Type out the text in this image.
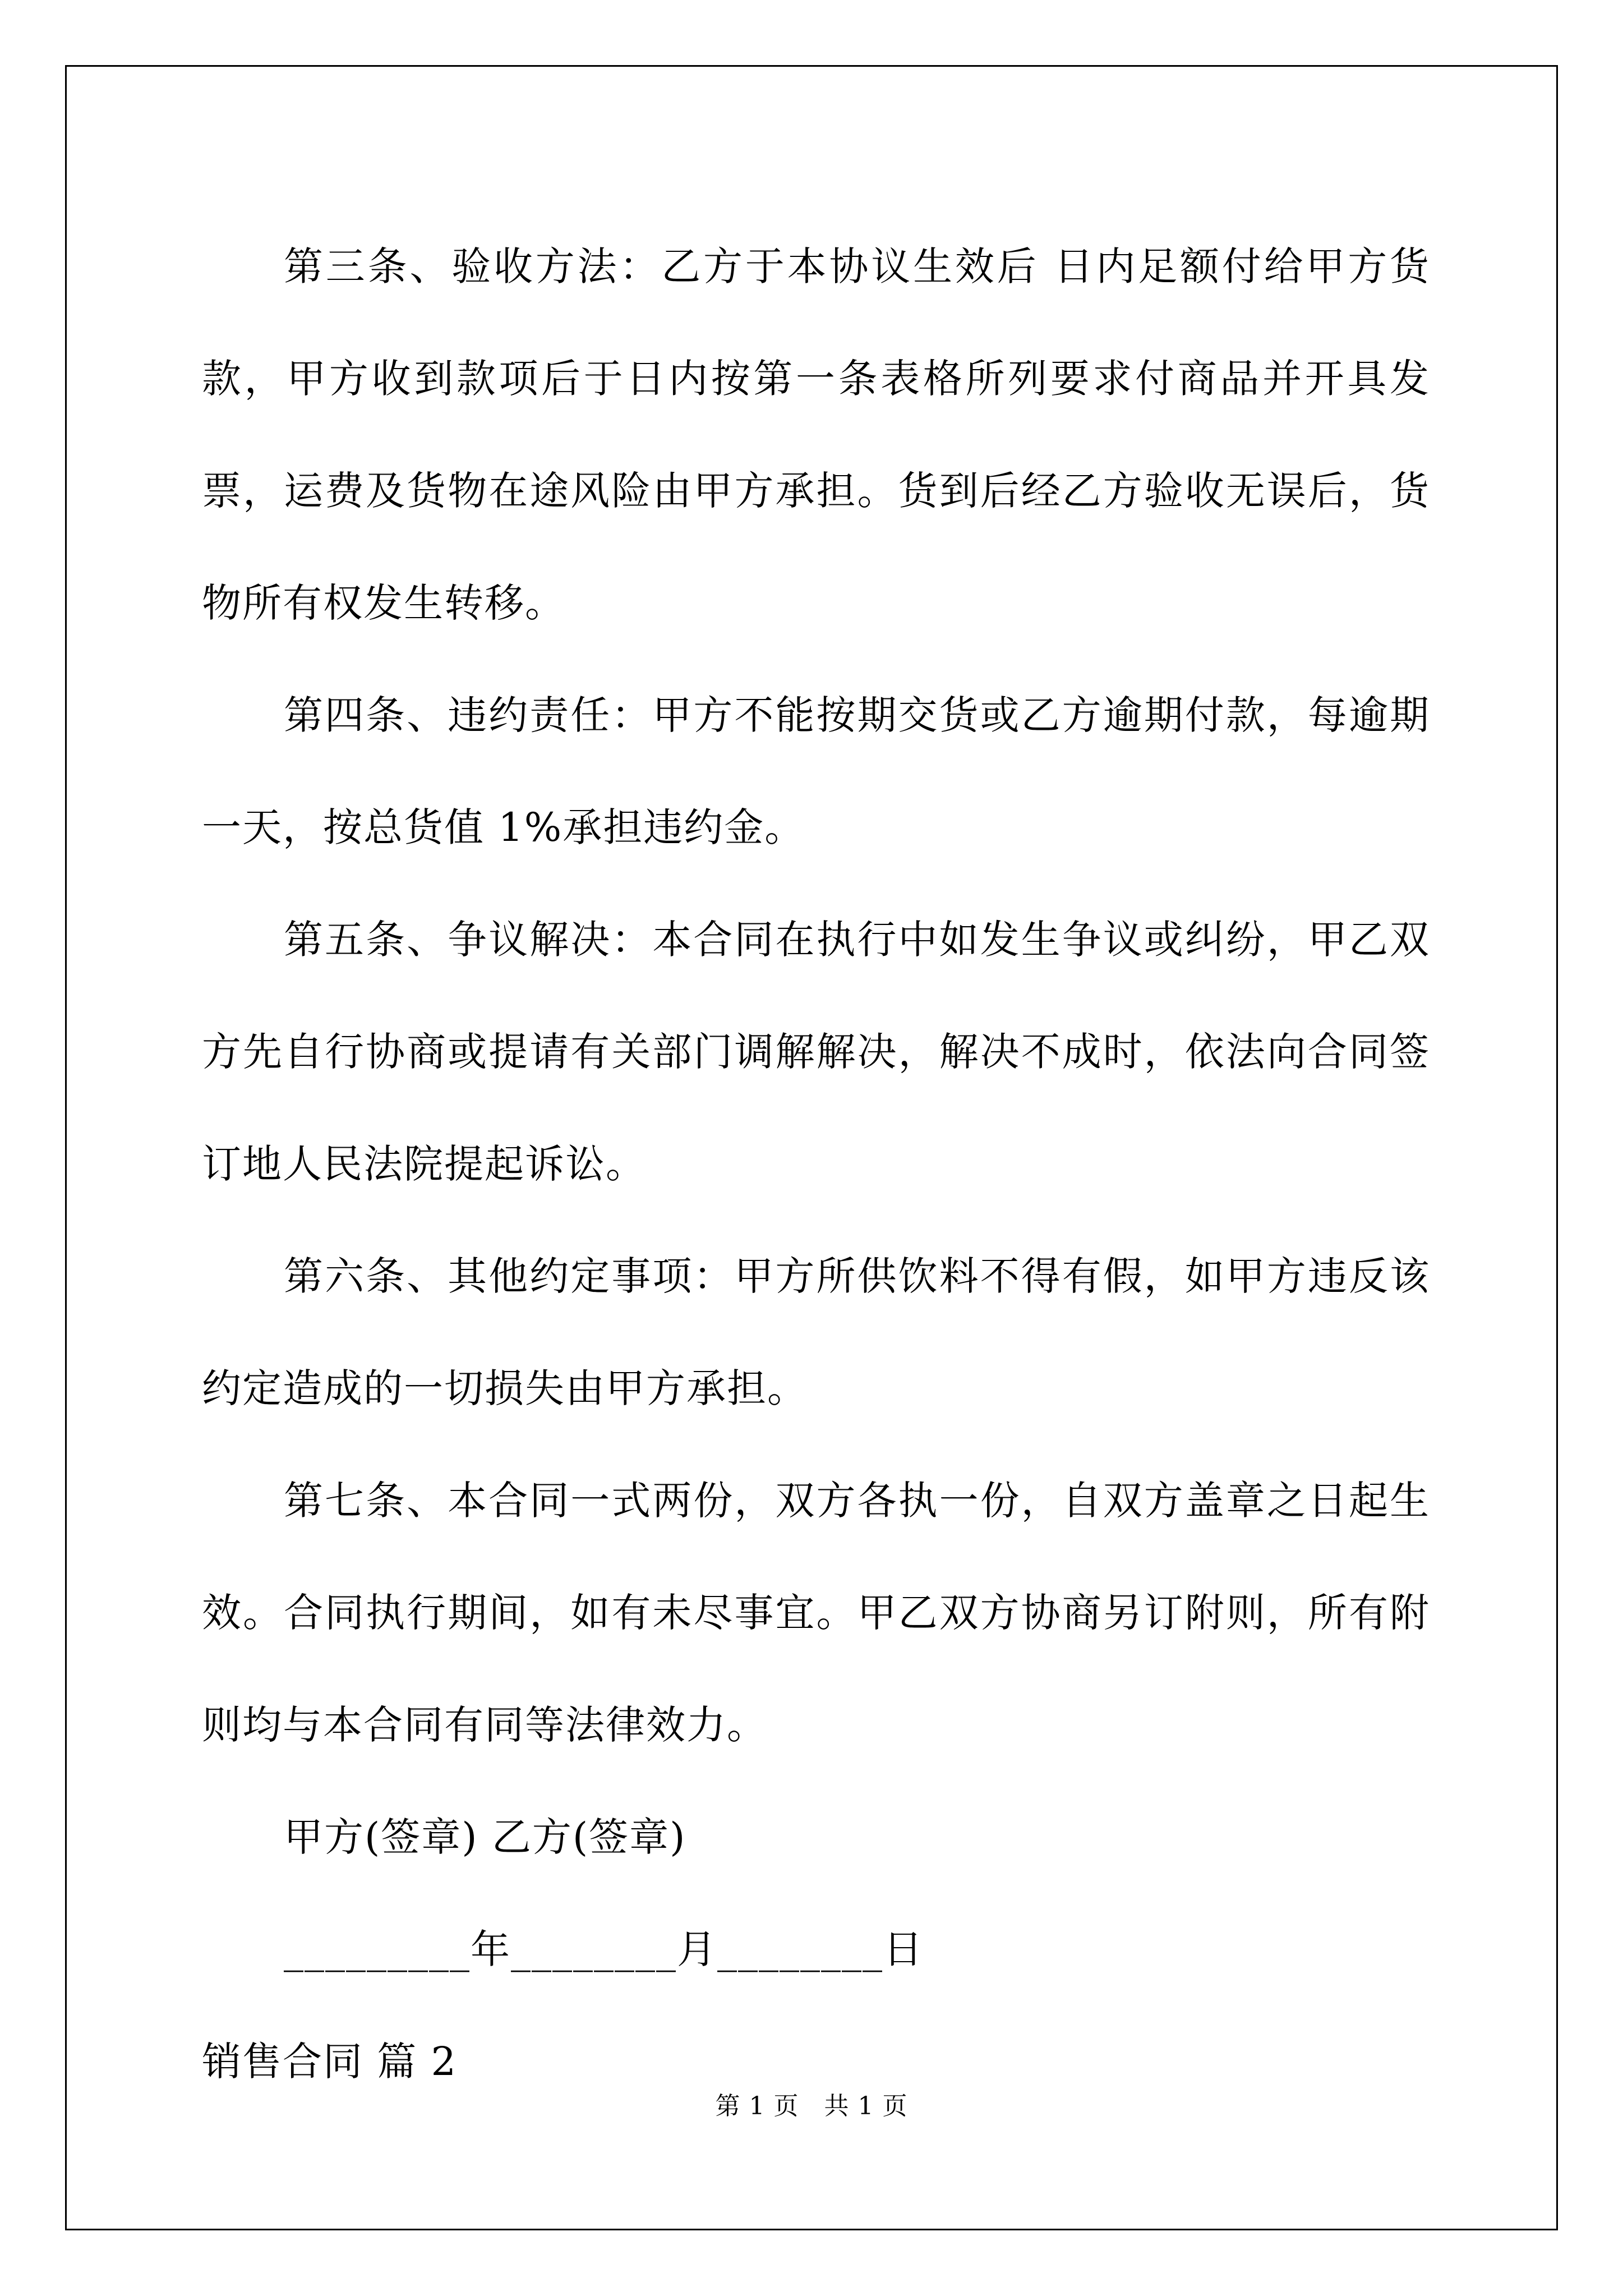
第三条、验收方法：乙方于本协议生效后 日内足额付给甲方货款，甲方收到款项后于日内按第一条表格所列要求付商品并开具发票，运费及货物在途风险由甲方承担。货到后经乙方验收无误后，货物所有权发生转移。

第四条、违约责任：甲方不能按期交货或乙方逾期付款，每逾期一天，按总货值 1%承担违约金。

第五条、争议解决：本合同在执行中如发生争议或纠纷，甲乙双方先自行协商或提请有关部门调解解决，解决不成时，依法向合同签订地人民法院提起诉讼。

第六条、其他约定事项：甲方所供饮料不得有假，如甲方违反该约定造成的一切损失由甲方承担。

第七条、本合同一式两份，双方各执一份，自双方盖章之日起生效。合同执行期间，如有未尽事宜。甲乙双方协商另订附则，所有附则均与本合同有同等法律效力。

甲方(签章) 乙方(签章)

_________年________月________日

销售合同 篇 2

第 1 页　共 1 页
